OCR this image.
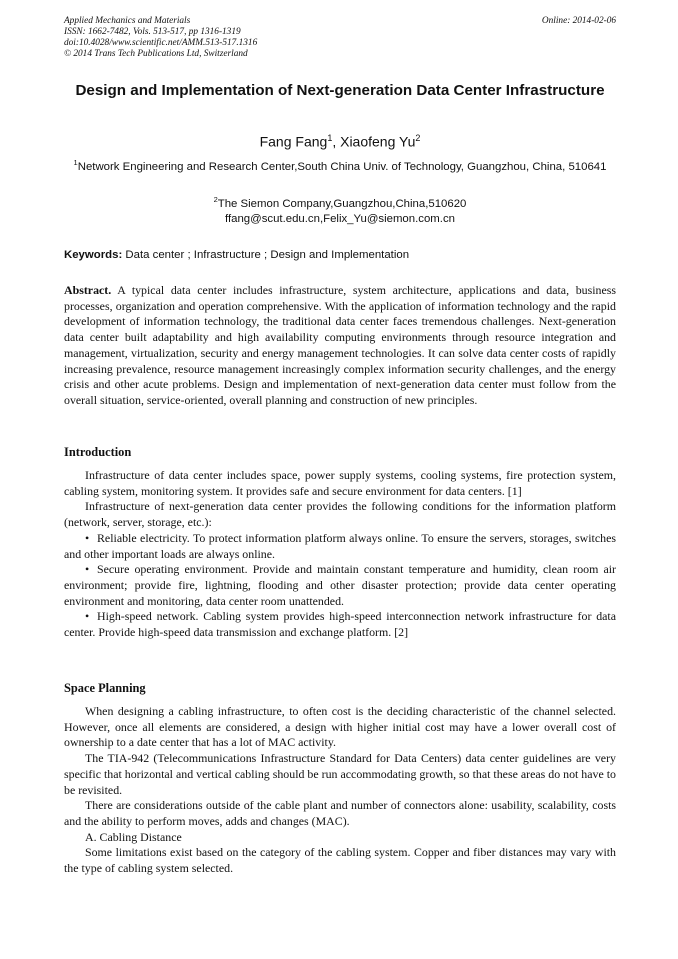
Applied Mechanics and Materials
ISSN: 1662-7482, Vols. 513-517, pp 1316-1319
doi:10.4028/www.scientific.net/AMM.513-517.1316
© 2014 Trans Tech Publications Ltd, Switzerland
Online: 2014-02-06
Design and Implementation of Next-generation Data Center Infrastructure
Fang Fang$^1$, Xiaofeng Yu$^2$
$^1$Network Engineering and Research Center,South China Univ. of Technology, Guangzhou, China, 510641
$^2$The Siemon Company,Guangzhou,China,510620
ffang@scut.edu.cn,Felix_Yu@siemon.com.cn
Keywords: Data center ; Infrastructure ; Design and Implementation
Abstract. A typical data center includes infrastructure, system architecture, applications and data, business processes, organization and operation comprehensive. With the application of information technology and the rapid development of information technology, the traditional data center faces tremendous challenges. Next-generation data center built adaptability and high availability computing environments through resource integration and management, virtualization, security and energy management technologies. It can solve data center costs of rapidly increasing prevalence, resource management increasingly complex information security challenges, and the energy crisis and other acute problems. Design and implementation of next-generation data center must follow from the overall situation, service-oriented, overall planning and construction of new principles.
Introduction

Infrastructure of data center includes space, power supply systems, cooling systems, fire protection system, cabling system, monitoring system. It provides safe and secure environment for data centers. [1]

Infrastructure of next-generation data center provides the following conditions for the information platform (network, server, storage, etc.):

• Reliable electricity. To protect information platform always online. To ensure the servers, storages, switches and other important loads are always online.

• Secure operating environment. Provide and maintain constant temperature and humidity, clean room air environment; provide fire, lightning, flooding and other disaster protection; provide data center operating environment and monitoring, data center room unattended.

• High-speed network. Cabling system provides high-speed interconnection network infrastructure for data center. Provide high-speed data transmission and exchange platform. [2]

Space Planning

When designing a cabling infrastructure, to often cost is the deciding characteristic of the channel selected. However, once all elements are considered, a design with higher initial cost may have a lower overall cost of ownership to a date center that has a lot of MAC activity.

The TIA-942 (Telecommunications Infrastructure Standard for Data Centers) data center guidelines are very specific that horizontal and vertical cabling should be run accommodating growth, so that these areas do not have to be revisited.

There are considerations outside of the cable plant and number of connectors alone: usability, scalability, costs and the ability to perform moves, adds and changes (MAC).

A. Cabling Distance

Some limitations exist based on the category of the cabling system. Copper and fiber distances may vary with the type of cabling system selected.
